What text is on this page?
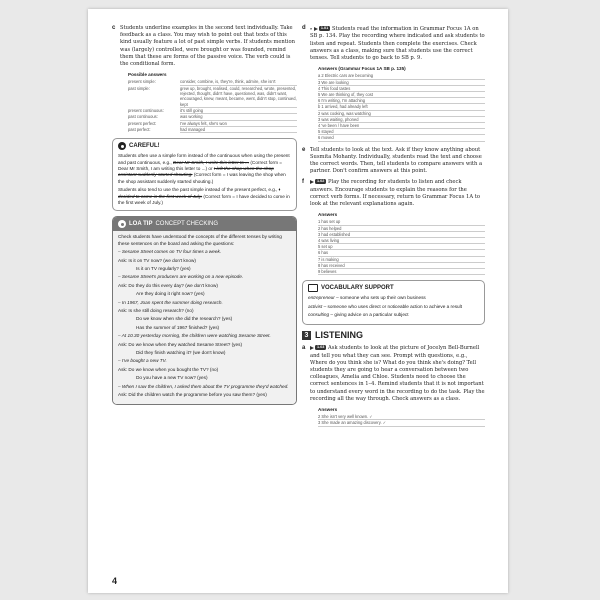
c Students underline examples in the second text individually. Take feedback as a class. You may wish to point out that texts of this kind usually feature a lot of past simple verbs. If students mention was (largely) controlled, were brought or was founded, remind them that these are forms of the passive voice. The verb could is the conditional form.
Possible answers
present simple:	consider, combine, is, they're, think, admire, she isn't
past simple:	grew up, brought, realised, could, researched, wrote, presented, rejected, thought, didn't have, questioned, was, didn't want, encouraged, knew, meant, became, went, didn't stop, continued, kept
present continuous:	it's still going
past continuous:	was working
present perfect:	I've always felt, she's won
past perfect:	had managed
CAREFUL!

Students often use a simple form instead of the continuous when using the present and past continuous, e.g., Dear Mr Smith, I write this letter to ... (Correct form = Dear Mr Smith, I am writing this letter to ...) or I left the shop when the shop assistant suddenly started shouting. (Correct form = I was leaving the shop when the shop assistant suddenly started shouting.)

Students also tend to use the past simple instead of the present perfect, e.g., I decided to come in the first week of July. (Correct form = I have decided to come in the first week of July.)

LOA TIP CONCEPT CHECKING

Check students have understood the concepts of the different tenses by writing these sentences on the board and asking the questions:

– Sesame Street comes on TV four times a week.

Ask: Is it on TV now? (we don't know)

Is it on TV regularly? (yes)

– Sesame Street's producers are working on a new episode.

Ask: Do they do this every day? (we don't know)

Are they doing it right now? (yes)

– In 1967, Joan spent the summer doing research.

Ask: Is she still doing research? (no)

Do we know when she did the research? (yes)

Has the summer of 1967 finished? (yes)

– At 10.30 yesterday morning, the children were watching Sesame Street.

Ask: Do we know when they watched Sesame Street? (yes)

Did they finish watching it? (we don't know)

– I've bought a new TV.

Ask: Do we know when you bought the TV? (no)

Do you have a new TV now? (yes)

– When I saw the children, I asked them about the TV programme they'd watched.

Ask: Did the children watch the programme before you saw them? (yes)

d » 1.01 Students read the information in Grammar Focus 1A on SB p. 134. Play the recording where indicated and ask students to listen and repeat. Students then complete the exercises. Check answers as a class, making sure that students use the correct tenses. Tell students to go back to SB p. 9.
Answers (Grammar Focus 1A SB p. 135)
a 2 Electric cars are becoming
3 We are looking
4 This food tastes
5 We are thinking of, they cost
6 I'm writing, I'm attaching
b 1 arrived, had already left
2 was cooking, was watching
3 was waiting, phoned
4 've been / have been
5 stayed
6 moved
e Tell students to look at the text. Ask if they know anything about Susmita Mohanty. Individually, students read the text and choose the correct words. Then, tell students to compare answers with a partner. Don't confirm answers at this point.
f	1.02 Play the recording for students to listen and check answers. Encourage students to explain the reasons for the correct verb forms. If necessary, return to Grammar Focus 1A to look at the relevant explanations again.
Answers
1 has set up
2 has helped
3 had established
4 was living
5 set up
6 has
7 is making
8 has received
9 believes
VOCABULARY SUPPORT

entrepreneur – someone who sets up their own business

activist – someone who uses direct or noticeable action to achieve a result

consulting – giving advice on a particular subject

3 LISTENING
a	1.03 Ask students to look at the picture of Jocelyn Bell-Burnell and tell you what they can see. Prompt with questions, e.g., Where do you think she is? What do you think she's doing? Tell students they are going to hear a conversation between two colleagues, Amelia and Chloe. Students need to choose the correct sentences in 1–4. Remind students that it is not important to understand every word in the recording to do the task. Play the recording all the way through. Check answers as a class.
Answers
2 She isn't very well known. ✓
3 She made an amazing discovery. ✓
4
